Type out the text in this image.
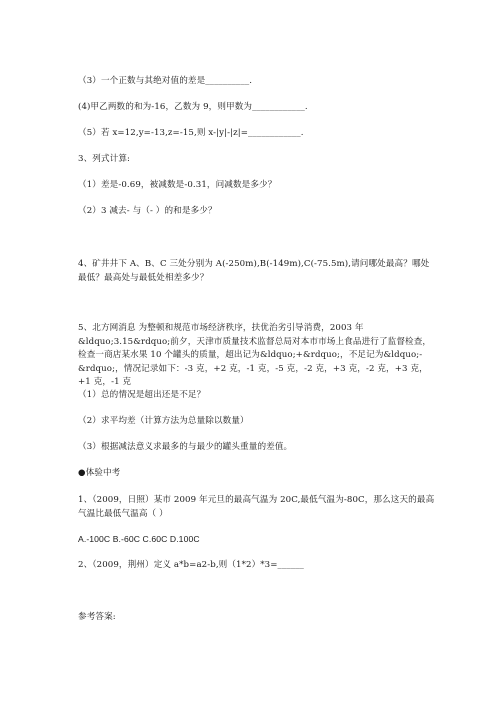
（3）一个正数与其绝对值的差是__________.
(4)甲乙两数的和为-16，乙数为 9，则甲数为____________.
（5）若 x=12,y=-13,z=-15,则 x-|y|-|z|=____________.
3、列式计算:
（1）差是-0.69，被减数是-0.31，问减数是多少？
（2）3 减去- 与（- ）的和是多少？
4、矿井井下 A、B、C 三处分别为 A(-250m),B(-149m),C(-75.5m),请问哪处最高？哪处最低？最高处与最低处相差多少？
5、北方网消息 为整顿和规范市场经济秩序，扶优治劣引导消费，2003 年&ldquo;3.15&rdquo;前夕，天津市质量技术监督总局对本市市场上食品进行了监督检查，检查一商店某水果 10 个罐头的质量，超出记为&ldquo;+&rdquo;，不足记为&ldquo;-&rdquo;，情况记录如下：-3 克，+2 克，-1 克，-5 克，-2 克，+3 克，-2 克，+3 克，+1 克，-1 克
（1）总的情况是超出还是不足？
（2）求平均差（计算方法为总量除以数量）
（3）根据减法意义求最多的与最少的罐头重量的差值。
●体验中考
1、（2009，日照）某市 2009 年元旦的最高气温为 20C,最低气温为-80C，那么这天的最高气温比最低气温高（ ）
A.-100C B.-60C C.60C D.100C
2、（2009，荆州）定义 a*b=a2-b,则（1*2）*3=______
参考答案:
